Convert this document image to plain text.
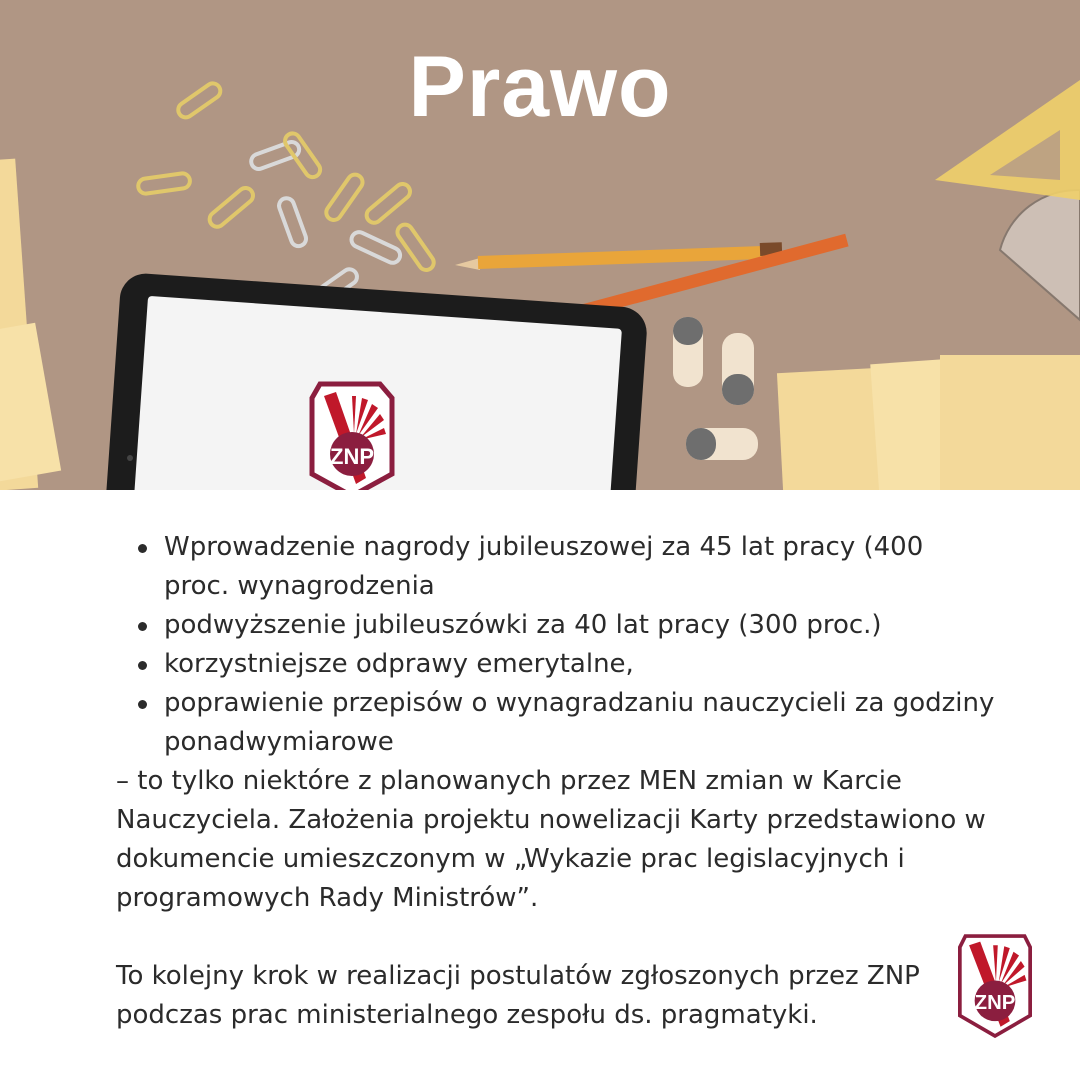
ZNP
Prawo
Wprowadzenie nagrody jubileuszowej za 45 lat pracy (400 proc. wynagrodzenia
podwyższenie jubileuszówki za 40 lat pracy (300 proc.)
korzystniejsze odprawy emerytalne,
poprawienie przepisów o wynagradzaniu nauczycieli za godziny ponadwymiarowe

– to tylko niektóre z planowanych przez MEN zmian w Karcie Nauczyciela. Założenia projektu nowelizacji Karty przedstawiono w dokumencie umieszczonym w „Wykazie prac legislacyjnych i programowych Rady Ministrów”.

To kolejny krok w realizacji postulatów zgłoszonych przez ZNP podczas prac ministerialnego zespołu ds. pragmatyki.	ZNP
